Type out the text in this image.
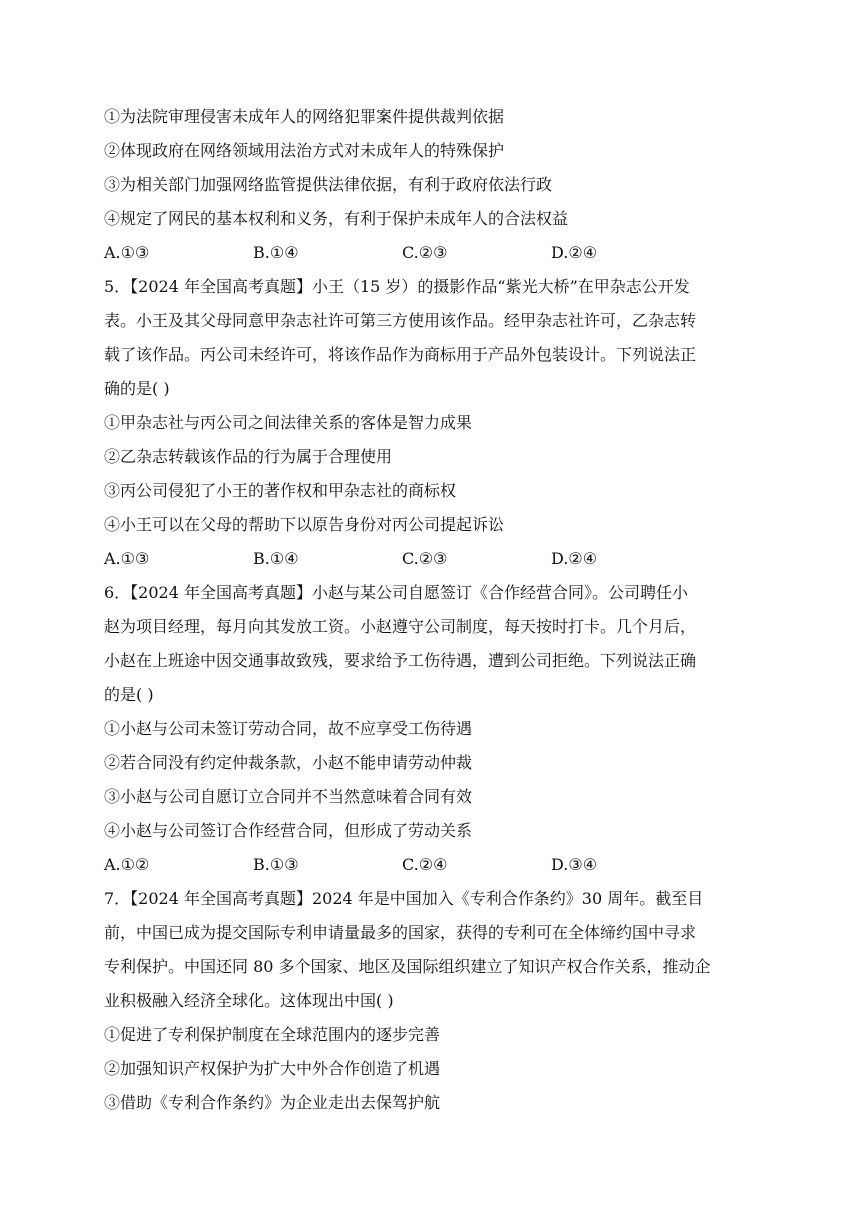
①为法院审理侵害未成年人的网络犯罪案件提供裁判依据
②体现政府在网络领域用法治方式对未成年人的特殊保护
③为相关部门加强网络监管提供法律依据，有利于政府依法行政
④规定了网民的基本权利和义务，有利于保护未成年人的合法权益
A.①③	B.①④	C.②③	D.②④
5．【2024 年全国高考真题】小王（15 岁）的摄影作品“紫光大桥”在甲杂志公开发
表。小王及其父母同意甲杂志社许可第三方使用该作品。经甲杂志社许可，乙杂志转
载了该作品。丙公司未经许可，将该作品作为商标用于产品外包装设计。下列说法正
确的是( )
①甲杂志社与丙公司之间法律关系的客体是智力成果
②乙杂志转载该作品的行为属于合理使用
③丙公司侵犯了小王的著作权和甲杂志社的商标权
④小王可以在父母的帮助下以原告身份对丙公司提起诉讼
A.①③	B.①④	C.②③	D.②④
6．【2024 年全国高考真题】小赵与某公司自愿签订《合作经营合同》。公司聘任小
赵为项目经理，每月向其发放工资。小赵遵守公司制度，每天按时打卡。几个月后，
小赵在上班途中因交通事故致残，要求给予工伤待遇，遭到公司拒绝。下列说法正确
的是( )
①小赵与公司未签订劳动合同，故不应享受工伤待遇
②若合同没有约定仲裁条款，小赵不能申请劳动仲裁
③小赵与公司自愿订立合同并不当然意味着合同有效
④小赵与公司签订合作经营合同，但形成了劳动关系
A.①②	B.①③	C.②④	D.③④
7．【2024 年全国高考真题】2024 年是中国加入《专利合作条约》30 周年。截至目
前，中国已成为提交国际专利申请量最多的国家，获得的专利可在全体缔约国中寻求
专利保护。中国还同 80 多个国家、地区及国际组织建立了知识产权合作关系，推动企
业积极融入经济全球化。这体现出中国( )
①促进了专利保护制度在全球范围内的逐步完善
②加强知识产权保护为扩大中外合作创造了机遇
③借助《专利合作条约》为企业走出去保驾护航
